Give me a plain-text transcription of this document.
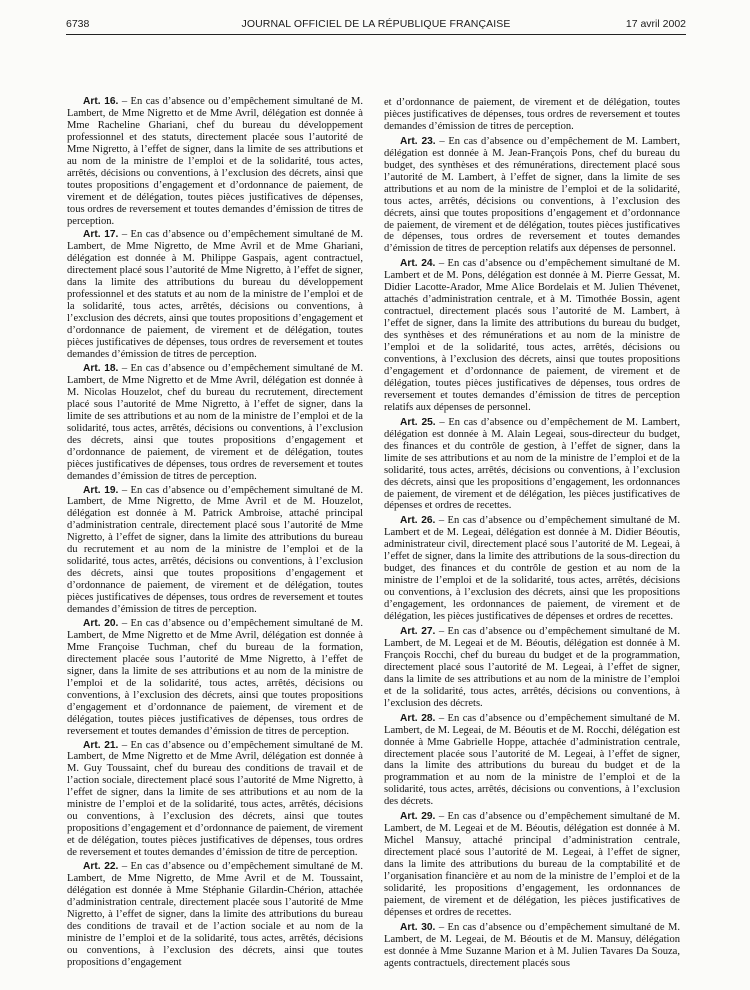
6738	JOURNAL OFFICIEL DE LA RÉPUBLIQUE FRANÇAISE	17 avril 2002

Art. 16. – En cas d’absence ou d’empêchement simultané de M. Lambert, de Mme Nigretto et de Mme Avril, délégation est donnée à Mme Racheline Ghariani, chef du bureau du développement professionnel et des statuts, directement placée sous l’autorité de Mme Nigretto, à l’effet de signer, dans la limite de ses attributions et au nom de la ministre de l’emploi et de la solidarité, tous actes, arrêtés, décisions ou conventions, à l’exclusion des décrets, ainsi que toutes propositions d’engagement et d’ordonnance de paiement, de virement et de délégation, toutes pièces justificatives de dépenses, tous ordres de reversement et toutes demandes d’émission de titres de perception.

Art. 17. – En cas d’absence ou d’empêchement simultané de M. Lambert, de Mme Nigretto, de Mme Avril et de Mme Ghariani, délégation est donnée à M. Philippe Gaspais, agent contractuel, directement placé sous l’autorité de Mme Nigretto, à l’effet de signer, dans la limite des attributions du bureau du développement professionnel et des statuts et au nom de la ministre de l’emploi et de la solidarité, tous actes, arrêtés, décisions ou conventions, à l’exclusion des décrets, ainsi que toutes propositions d’engagement et d’ordonnance de paiement, de virement et de délégation, toutes pièces justificatives de dépenses, tous ordres de reversement et toutes demandes d’émission de titres de perception.

Art. 18. – En cas d’absence ou d’empêchement simultané de M. Lambert, de Mme Nigretto et de Mme Avril, délégation est donnée à M. Nicolas Houzelot, chef du bureau du recrutement, directement placé sous l’autorité de Mme Nigretto, à l’effet de signer, dans la limite de ses attributions et au nom de la ministre de l’emploi et de la solidarité, tous actes, arrêtés, décisions ou conventions, à l’exclusion des décrets, ainsi que toutes propositions d’engagement et d’ordonnance de paiement, de virement et de délégation, toutes pièces justificatives de dépenses, tous ordres de reversement et toutes demandes d’émission de titres de perception.

Art. 19. – En cas d’absence ou d’empêchement simultané de M. Lambert, de Mme Nigretto, de Mme Avril et de M. Houzelot, délégation est donnée à M. Patrick Ambroise, attaché principal d’administration centrale, directement placé sous l’autorité de Mme Nigretto, à l’effet de signer, dans la limite des attributions du bureau du recrutement et au nom de la ministre de l’emploi et de la solidarité, tous actes, arrêtés, décisions ou conventions, à l’exclusion des décrets, ainsi que toutes propositions d’engagement et d’ordonnance de paiement, de virement et de délégation, toutes pièces justificatives de dépenses, tous ordres de reversement et toutes demandes d’émission de titres de perception.

Art. 20. – En cas d’absence ou d’empêchement simultané de M. Lambert, de Mme Nigretto et de Mme Avril, délégation est donnée à Mme Françoise Tuchman, chef du bureau de la formation, directement placée sous l’autorité de Mme Nigretto, à l’effet de signer, dans la limite de ses attributions et au nom de la ministre de l’emploi et de la solidarité, tous actes, arrêtés, décisions ou conventions, à l’exclusion des décrets, ainsi que toutes propositions d’engagement et d’ordonnance de paiement, de virement et de délégation, toutes pièces justificatives de dépenses, tous ordres de reversement et toutes demandes d’émission de titres de perception.

Art. 21. – En cas d’absence ou d’empêchement simultané de M. Lambert, de Mme Nigretto et de Mme Avril, délégation est donnée à M. Guy Toussaint, chef du bureau des conditions de travail et de l’action sociale, directement placé sous l’autorité de Mme Nigretto, à l’effet de signer, dans la limite de ses attributions et au nom de la ministre de l’emploi et de la solidarité, tous actes, arrêtés, décisions ou conventions, à l’exclusion des décrets, ainsi que toutes propositions d’engagement et d’ordonnance de paiement, de virement et de délégation, toutes pièces justificatives de dépenses, tous ordres de reversement et toutes demandes d’émission de titre de perception.

Art. 22. – En cas d’absence ou d’empêchement simultané de M. Lambert, de Mme Nigretto, de Mme Avril et de M. Toussaint, délégation est donnée à Mme Stéphanie Gilardin-Chérion, attachée d’administration centrale, directement placée sous l’autorité de Mme Nigretto, à l’effet de signer, dans la limite des attributions du bureau des conditions de travail et de l’action sociale et au nom de la ministre de l’emploi et de la solidarité, tous actes, arrêtés, décisions ou conventions, à l’exclusion des décrets, ainsi que toutes propositions d’engagement

et d’ordonnance de paiement, de virement et de délégation, toutes pièces justificatives de dépenses, tous ordres de reversement et toutes demandes d’émission de titres de perception.

Art. 23. – En cas d’absence ou d’empêchement de M. Lambert, délégation est donnée à M. Jean-François Pons, chef du bureau du budget, des synthèses et des rémunérations, directement placé sous l’autorité de M. Lambert, à l’effet de signer, dans la limite de ses attributions et au nom de la ministre de l’emploi et de la solidarité, tous actes, arrêtés, décisions ou conventions, à l’exclusion des décrets, ainsi que toutes propositions d’engagement et d’ordonnance de paiement, de virement et de délégation, toutes pièces justificatives de dépenses, tous ordres de reversement et toutes demandes d’émission de titres de perception relatifs aux dépenses de personnel.

Art. 24. – En cas d’absence ou d’empêchement simultané de M. Lambert et de M. Pons, délégation est donnée à M. Pierre Gessat, M. Didier Lacotte-Arador, Mme Alice Bordelais et M. Julien Thévenet, attachés d’administration centrale, et à M. Timothée Bossin, agent contractuel, directement placés sous l’autorité de M. Lambert, à l’effet de signer, dans la limite des attributions du bureau du budget, des synthèses et des rémunérations et au nom de la ministre de l’emploi et de la solidarité, tous actes, arrêtés, décisions ou conventions, à l’exclusion des décrets, ainsi que toutes propositions d’engagement et d’ordonnance de paiement, de virement et de délégation, toutes pièces justificatives de dépenses, tous ordres de reversement et toutes demandes d’émission de titres de perception relatifs aux dépenses de personnel.

Art. 25. – En cas d’absence ou d’empêchement de M. Lambert, délégation est donnée à M. Alain Legeai, sous-directeur du budget, des finances et du contrôle de gestion, à l’effet de signer, dans la limite de ses attributions et au nom de la ministre de l’emploi et de la solidarité, tous actes, arrêtés, décisions ou conventions, à l’exclusion des décrets, ainsi que les propositions d’engagement, les ordonnances de paiement, de virement et de délégation, les pièces justificatives de dépenses et ordres de recettes.

Art. 26. – En cas d’absence ou d’empêchement simultané de M. Lambert et de M. Legeai, délégation est donnée à M. Didier Béoutis, administrateur civil, directement placé sous l’autorité de M. Legeai, à l’effet de signer, dans la limite des attributions de la sous-direction du budget, des finances et du contrôle de gestion et au nom de la ministre de l’emploi et de la solidarité, tous actes, arrêtés, décisions ou conventions, à l’exclusion des décrets, ainsi que les propositions d’engagement, les ordonnances de paiement, de virement et de délégation, les pièces justificatives de dépenses et ordres de recettes.

Art. 27. – En cas d’absence ou d’empêchement simultané de M. Lambert, de M. Legeai et de M. Béoutis, délégation est donnée à M. François Rocchi, chef du bureau du budget et de la programmation, directement placé sous l’autorité de M. Legeai, à l’effet de signer, dans la limite de ses attributions et au nom de la ministre de l’emploi et de la solidarité, tous actes, arrêtés, décisions ou conventions, à l’exclusion des décrets.

Art. 28. – En cas d’absence ou d’empêchement simultané de M. Lambert, de M. Legeai, de M. Béoutis et de M. Rocchi, délégation est donnée à Mme Gabrielle Hoppe, attachée d’administration centrale, directement placée sous l’autorité de M. Legeai, à l’effet de signer, dans la limite des attributions du bureau du budget et de la programmation et au nom de la ministre de l’emploi et de la solidarité, tous actes, arrêtés, décisions ou conventions, à l’exclusion des décrets.

Art. 29. – En cas d’absence ou d’empêchement simultané de M. Lambert, de M. Legeai et de M. Béoutis, délégation est donnée à M. Michel Mansuy, attaché principal d’administration centrale, directement placé sous l’autorité de M. Legeai, à l’effet de signer, dans la limite des attributions du bureau de la comptabilité et de l’organisation financière et au nom de la ministre de l’emploi et de la solidarité, les propositions d’engagement, les ordonnances de paiement, de virement et de délégation, les pièces justificatives de dépenses et ordres de recettes.

Art. 30. – En cas d’absence ou d’empêchement simultané de M. Lambert, de M. Legeai, de M. Béoutis et de M. Mansuy, délégation est donnée à Mme Suzanne Marion et à M. Julien Tavares Da Souza, agents contractuels, directement placés sous
